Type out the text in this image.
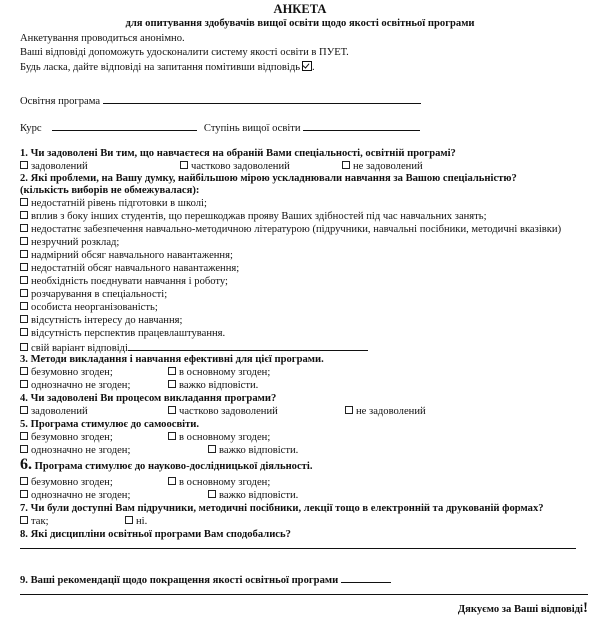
АНКЕТА
для опитування здобувачів вищої освіти щодо якості освітньої програми
Анкетування проводиться анонімно.
Ваші відповіді допоможуть удосконалити систему якості освіти в ПУЕТ.
Будь ласка, дайте відповіді на запитання помітивши відповідь .
Освітня програма
Курс	Ступінь вищої освіти
1. Чи задоволені Ви тим, що навчаєтеся на обраній Вами спеціальності, освітній програмі?
задоволений	частково задоволений	не задоволений
2. Які проблеми, на Вашу думку, найбільшою мірою ускладнювали навчання за Вашою спеціальністю?
(кількість виборів не обмежувалася):
недостатній рівень підготовки в школі;
вплив з боку інших студентів, що перешкоджав прояву Ваших здібностей під час навчальних занять;
недостатнє забезпечення навчально-методичною літературою (підручники, навчальні посібники, методичні вказівки)
незручний розклад;
надмірний обсяг навчального навантаження;
недостатній обсяг навчального навантаження;
необхідність поєднувати навчання і роботу;
розчарування в спеціальності;
особиста неорганізованість;
відсутність інтересу до навчання;
відсутність перспектив працевлаштування.
свій варіант відповіді
3. Методи викладання і навчання ефективні для цієї програми.
безумовно згоден;	в основному згоден;
однозначно не згоден;	важко відповісти.
4. Чи задоволені Ви процесом викладання програми?
задоволений	частково задоволений	не задоволений
5. Програма стимулює до самоосвіти.
безумовно згоден;	в основному згоден;
однозначно не згоден;	важко відповісти.
6. Програма стимулює до науково-дослідницької діяльності.
безумовно згоден;	в основному згоден;
однозначно не згоден;	важко відповісти.
7. Чи були доступні Вам підручники, методичні посібники, лекції тощо в електронній та друкованій формах?
так;	ні.
8. Які дисципліни освітньої програми Вам сподобались?
9. Ваші рекомендації щодо покращення якості освітньої програми
Дякуємо за Ваші відповіді!
